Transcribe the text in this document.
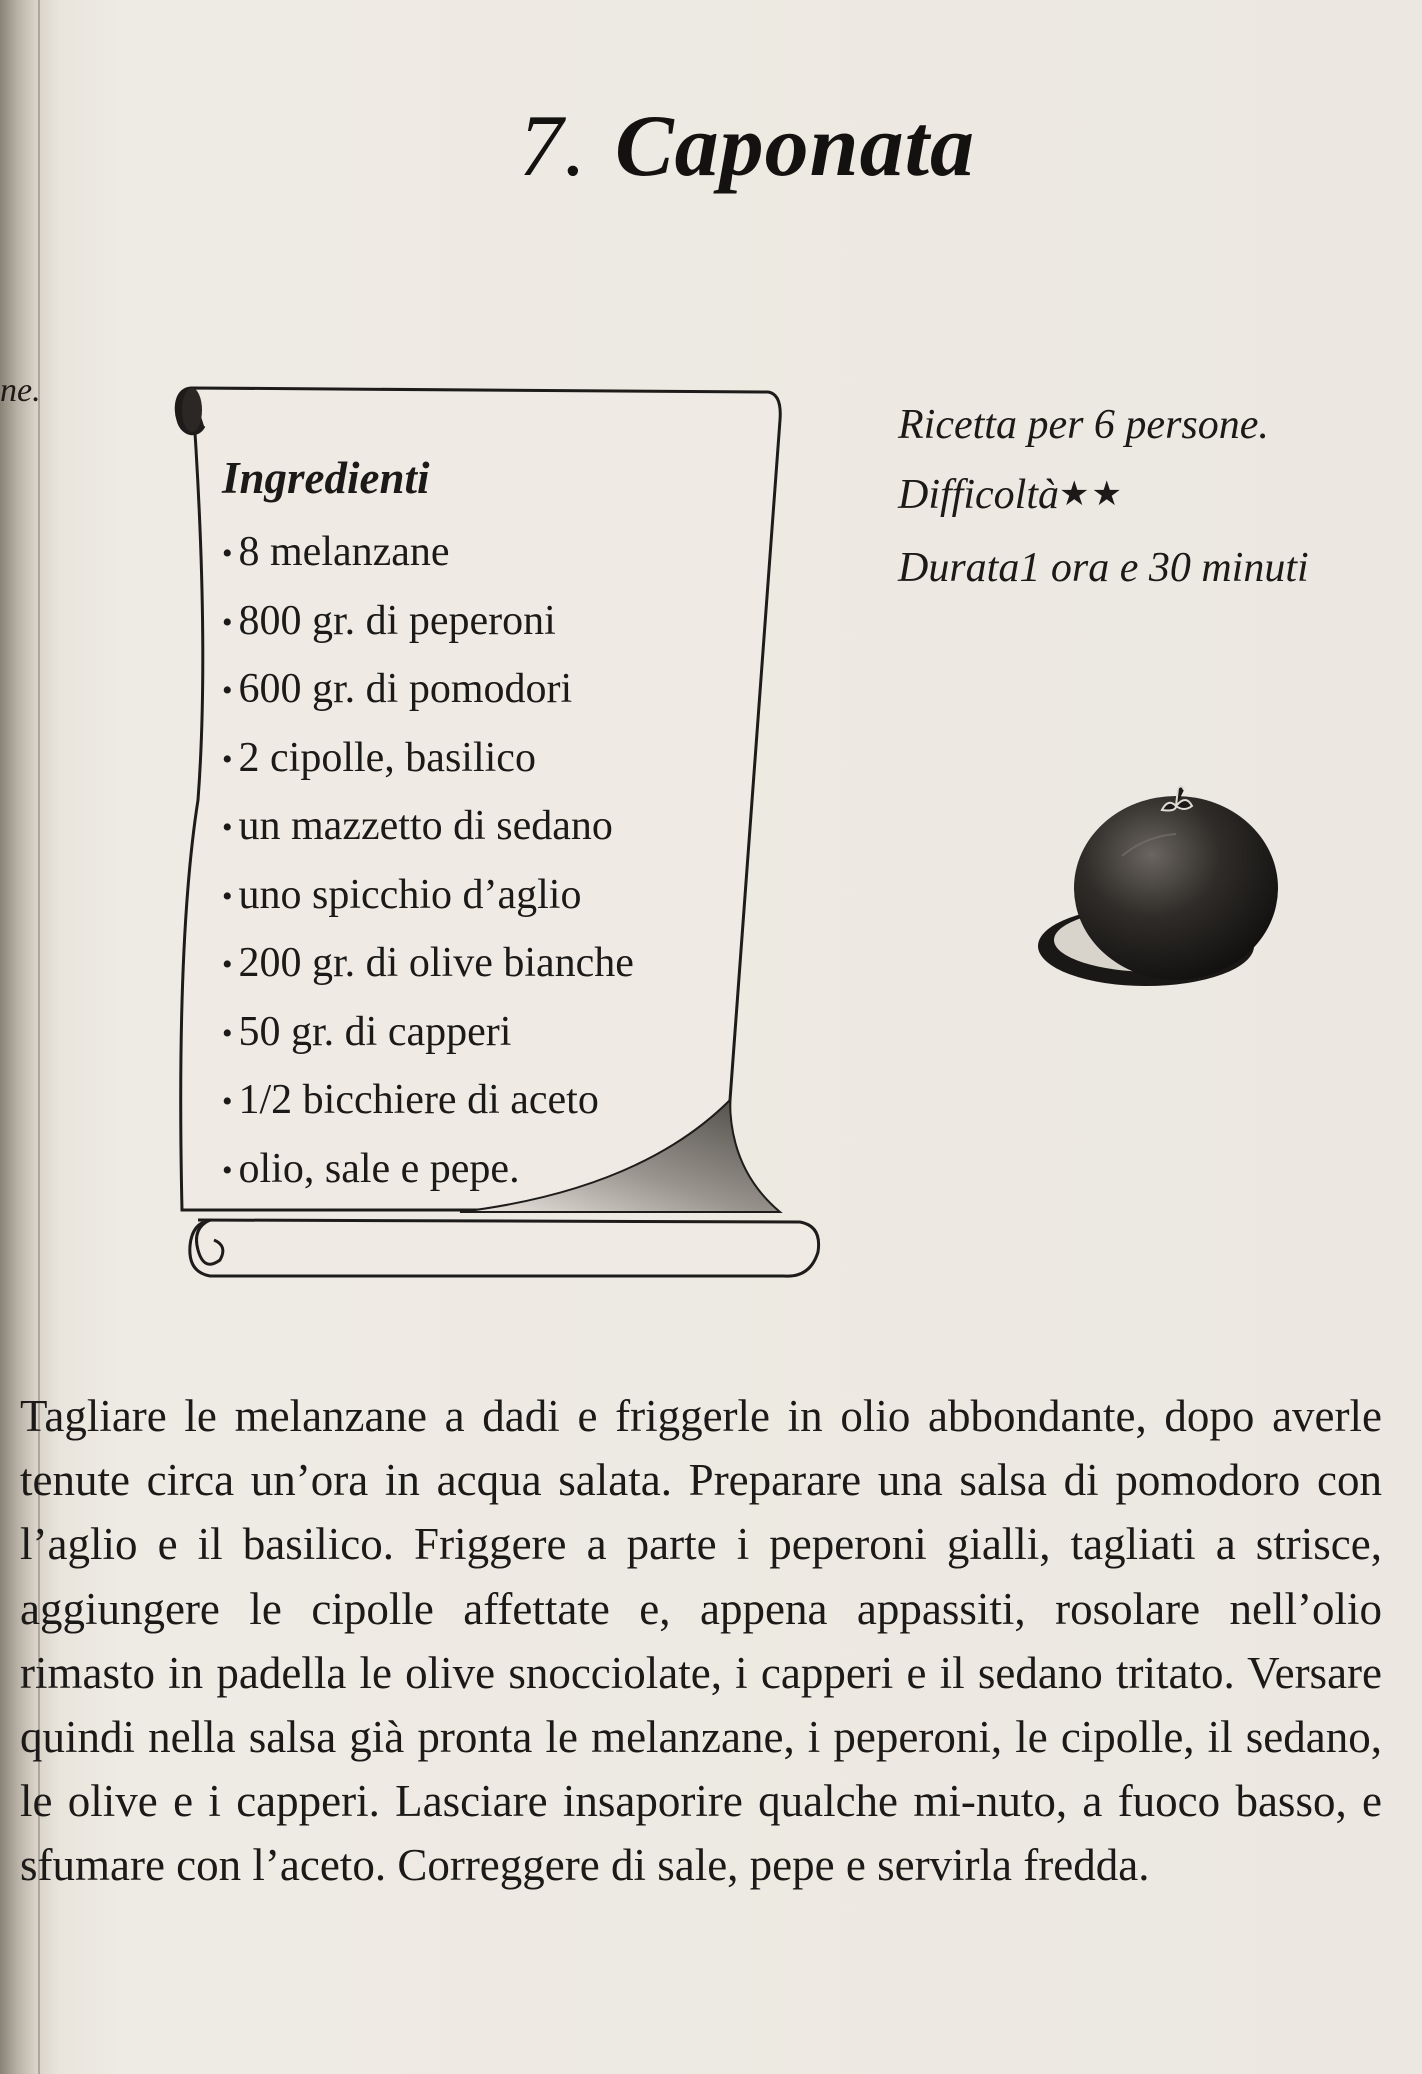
ne.
7. Caponata
Ingredienti
• 8 melanzane
• 800 gr. di peperoni
• 600 gr. di pomodori
• 2 cipolle, basilico
• un mazzetto di sedano
• uno spicchio d’aglio
• 200 gr. di olive bianche
• 50 gr. di capperi
• 1/2 bicchiere di aceto
• olio, sale e pepe.
Ricetta per 6 persone.
Difficoltà★★
Durata1 ora e 30 minuti

Tagliare le melanzane a dadi e friggerle in olio abbondante, dopo averle tenute circa un’ora in acqua salata. Preparare una salsa di pomodoro con l’aglio e il basilico. Friggere a parte i peperoni gialli, tagliati a strisce, aggiungere le cipolle affettate e, appena appassiti, rosolare nell’olio rimasto in padella le olive snocciolate, i capperi e il sedano tritato. Versare quindi nella salsa già pronta le melanzane, i peperoni, le cipolle, il sedano, le olive e i capperi. Lasciare insaporire qualche mi-nuto, a fuoco basso, e sfumare con l’aceto. Correggere di sale, pepe e servirla fredda.
